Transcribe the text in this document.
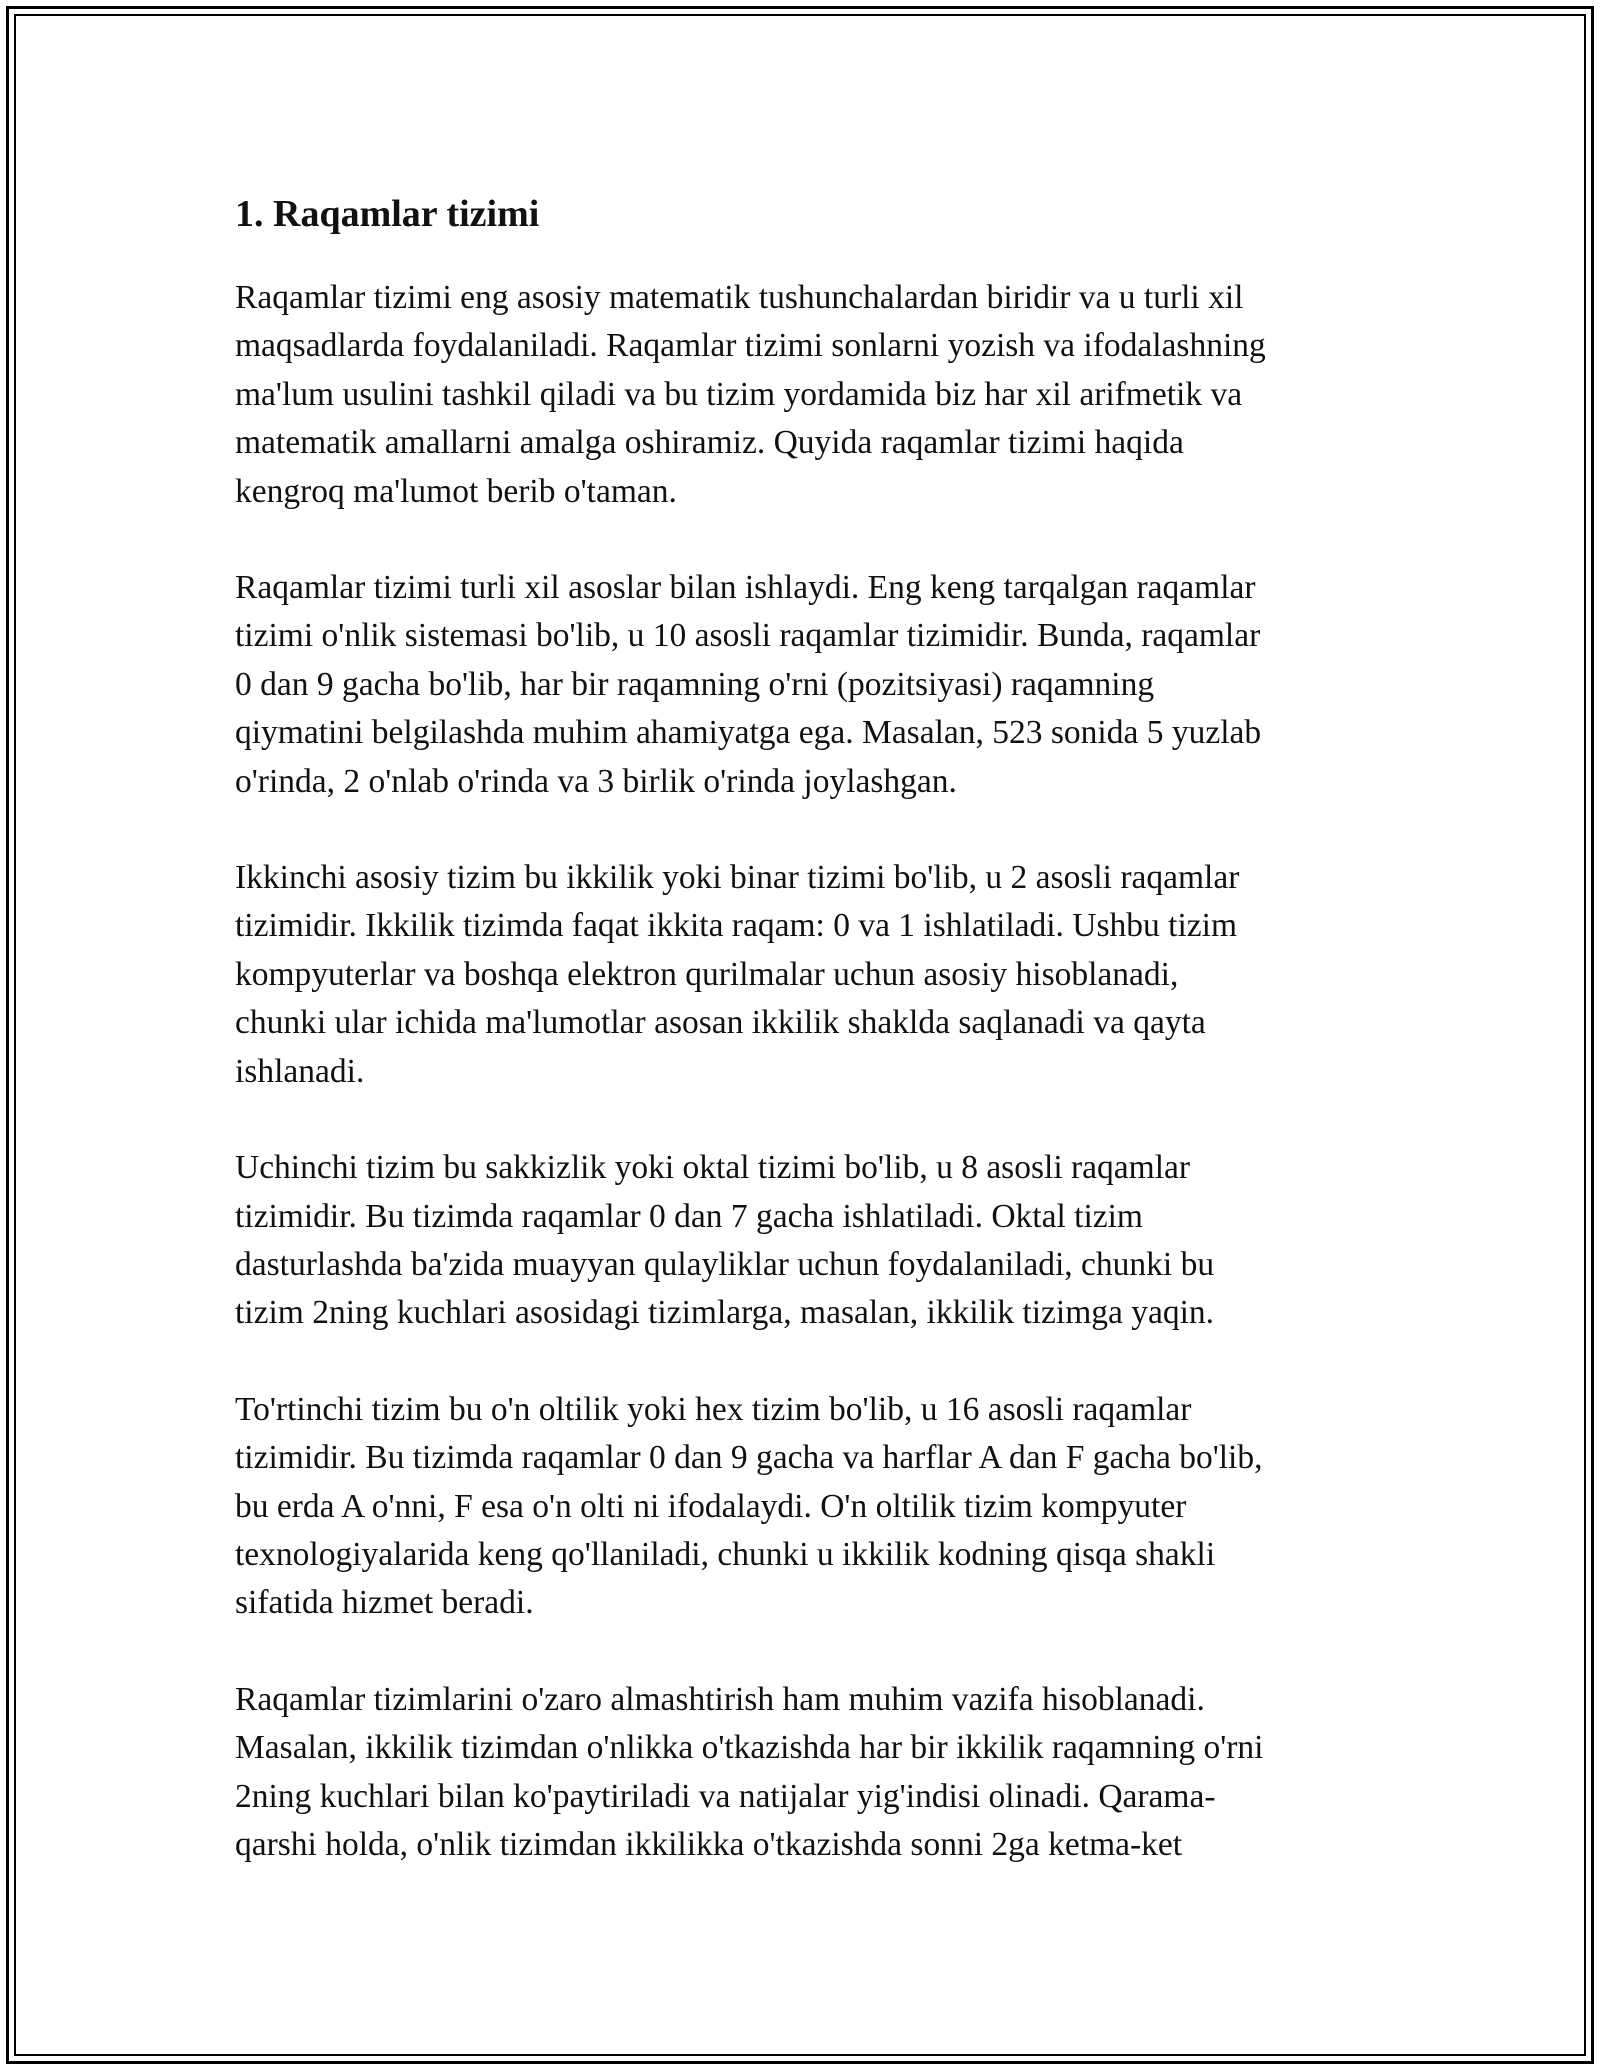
1. Raqamlar tizimi

Raqamlar tizimi eng asosiy matematik tushunchalardan biridir va u turli xil
maqsadlarda foydalaniladi. Raqamlar tizimi sonlarni yozish va ifodalashning
ma'lum usulini tashkil qiladi va bu tizim yordamida biz har xil arifmetik va
matematik amallarni amalga oshiramiz. Quyida raqamlar tizimi haqida
kengroq ma'lumot berib o'taman.

Raqamlar tizimi turli xil asoslar bilan ishlaydi. Eng keng tarqalgan raqamlar
tizimi o'nlik sistemasi bo'lib, u 10 asosli raqamlar tizimidir. Bunda, raqamlar
0 dan 9 gacha bo'lib, har bir raqamning o'rni (pozitsiyasi) raqamning
qiymatini belgilashda muhim ahamiyatga ega. Masalan, 523 sonida 5 yuzlab
o'rinda, 2 o'nlab o'rinda va 3 birlik o'rinda joylashgan.

Ikkinchi asosiy tizim bu ikkilik yoki binar tizimi bo'lib, u 2 asosli raqamlar
tizimidir. Ikkilik tizimda faqat ikkita raqam: 0 va 1 ishlatiladi. Ushbu tizim
kompyuterlar va boshqa elektron qurilmalar uchun asosiy hisoblanadi,
chunki ular ichida ma'lumotlar asosan ikkilik shaklda saqlanadi va qayta
ishlanadi.

Uchinchi tizim bu sakkizlik yoki oktal tizimi bo'lib, u 8 asosli raqamlar
tizimidir. Bu tizimda raqamlar 0 dan 7 gacha ishlatiladi. Oktal tizim
dasturlashda ba'zida muayyan qulayliklar uchun foydalaniladi, chunki bu
tizim 2ning kuchlari asosidagi tizimlarga, masalan, ikkilik tizimga yaqin.

To'rtinchi tizim bu o'n oltilik yoki hex tizim bo'lib, u 16 asosli raqamlar
tizimidir. Bu tizimda raqamlar 0 dan 9 gacha va harflar A dan F gacha bo'lib,
bu erda A o'nni, F esa o'n olti ni ifodalaydi. O'n oltilik tizim kompyuter
texnologiyalarida keng qo'llaniladi, chunki u ikkilik kodning qisqa shakli
sifatida hizmet beradi.

Raqamlar tizimlarini o'zaro almashtirish ham muhim vazifa hisoblanadi.
Masalan, ikkilik tizimdan o'nlikka o'tkazishda har bir ikkilik raqamning o'rni
2ning kuchlari bilan ko'paytiriladi va natijalar yig'indisi olinadi. Qarama-
qarshi holda, o'nlik tizimdan ikkilikka o'tkazishda sonni 2ga ketma-ket
